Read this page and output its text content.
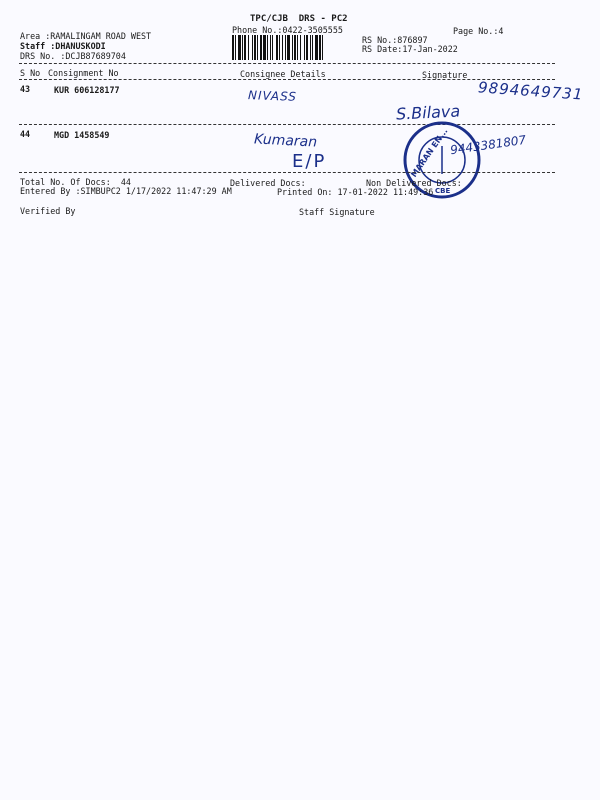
TPC/CJB  DRS - PC2
Phone No.:0422-3505555	Page No.:4
Area :RAMALINGAM ROAD WEST
Staff :DHANUSKODI
DRS No. :DCJB87689704
RS No.:876897
RS Date:17-Jan-2022
S No Consignment No	Consignee Details	Signature
43	KUR 606128177	NIVASS	9894649731
S.Bilava
44	MGD 1458549	Kumaran
E/P
9443381807
MARAN EN...
CBE
Total No. Of Docs:  44	Delivered Docs:	Non Delivered Docs:
Entered By :SIMBUPC2 1/17/2022 11:47:29 AM	Printed On: 17-01-2022 11:49:36
Verified By	Staff Signature
